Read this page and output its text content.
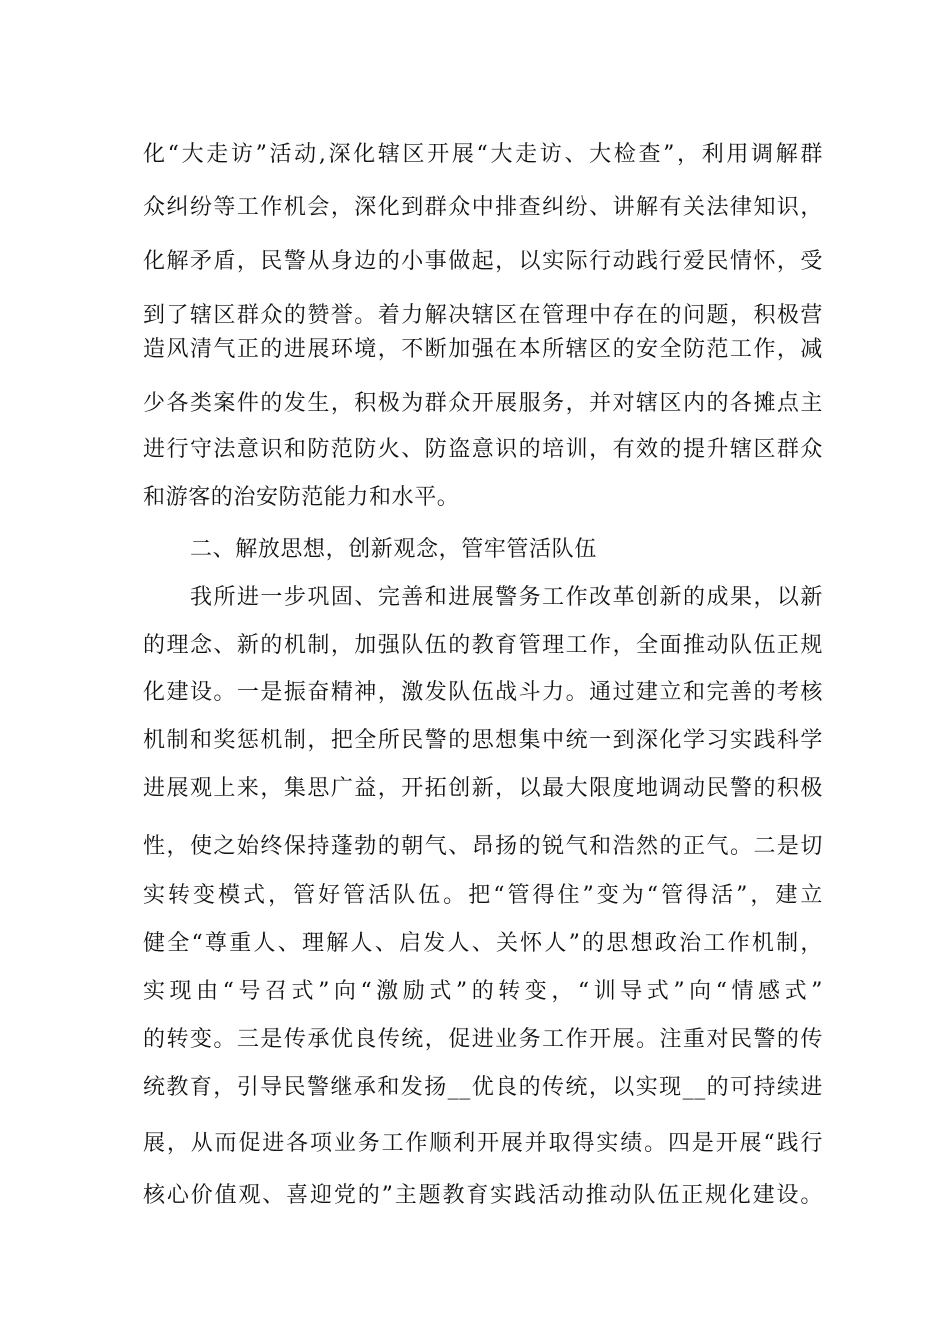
化“大走访”活动,深化辖区开展“大走访、大检查”，利用调解群
众纠纷等工作机会，深化到群众中排查纠纷、讲解有关法律知识，
化解矛盾，民警从身边的小事做起，以实际行动践行爱民情怀，受
到了辖区群众的赞誉。着力解决辖区在管理中存在的问题，积极营
造风清气正的进展环境，不断加强在本所辖区的安全防范工作，减
少各类案件的发生，积极为群众开展服务，并对辖区内的各摊点主
进行守法意识和防范防火、防盗意识的培训，有效的提升辖区群众
和游客的治安防范能力和水平。
二、解放思想，创新观念，管牢管活队伍
我所进一步巩固、完善和进展警务工作改革创新的成果，以新
的理念、新的机制，加强队伍的教育管理工作，全面推动队伍正规
化建设。一是振奋精神，激发队伍战斗力。通过建立和完善的考核
机制和奖惩机制，把全所民警的思想集中统一到深化学习实践科学
进展观上来，集思广益，开拓创新，以最大限度地调动民警的积极
性，使之始终保持蓬勃的朝气、昂扬的锐气和浩然的正气。二是切
实转变模式，管好管活队伍。把“管得住”变为“管得活”，建立
健全“尊重人、理解人、启发人、关怀人”的思想政治工作机制，
实现由“号召式”向“激励式”的转变，“训导式”向“情感式”
的转变。三是传承优良传统，促进业务工作开展。注重对民警的传
统教育，引导民警继承和发扬__优良的传统，以实现__的可持续进
展，从而促进各项业务工作顺利开展并取得实绩。四是开展“践行
核心价值观、喜迎党的”主题教育实践活动推动队伍正规化建设。
